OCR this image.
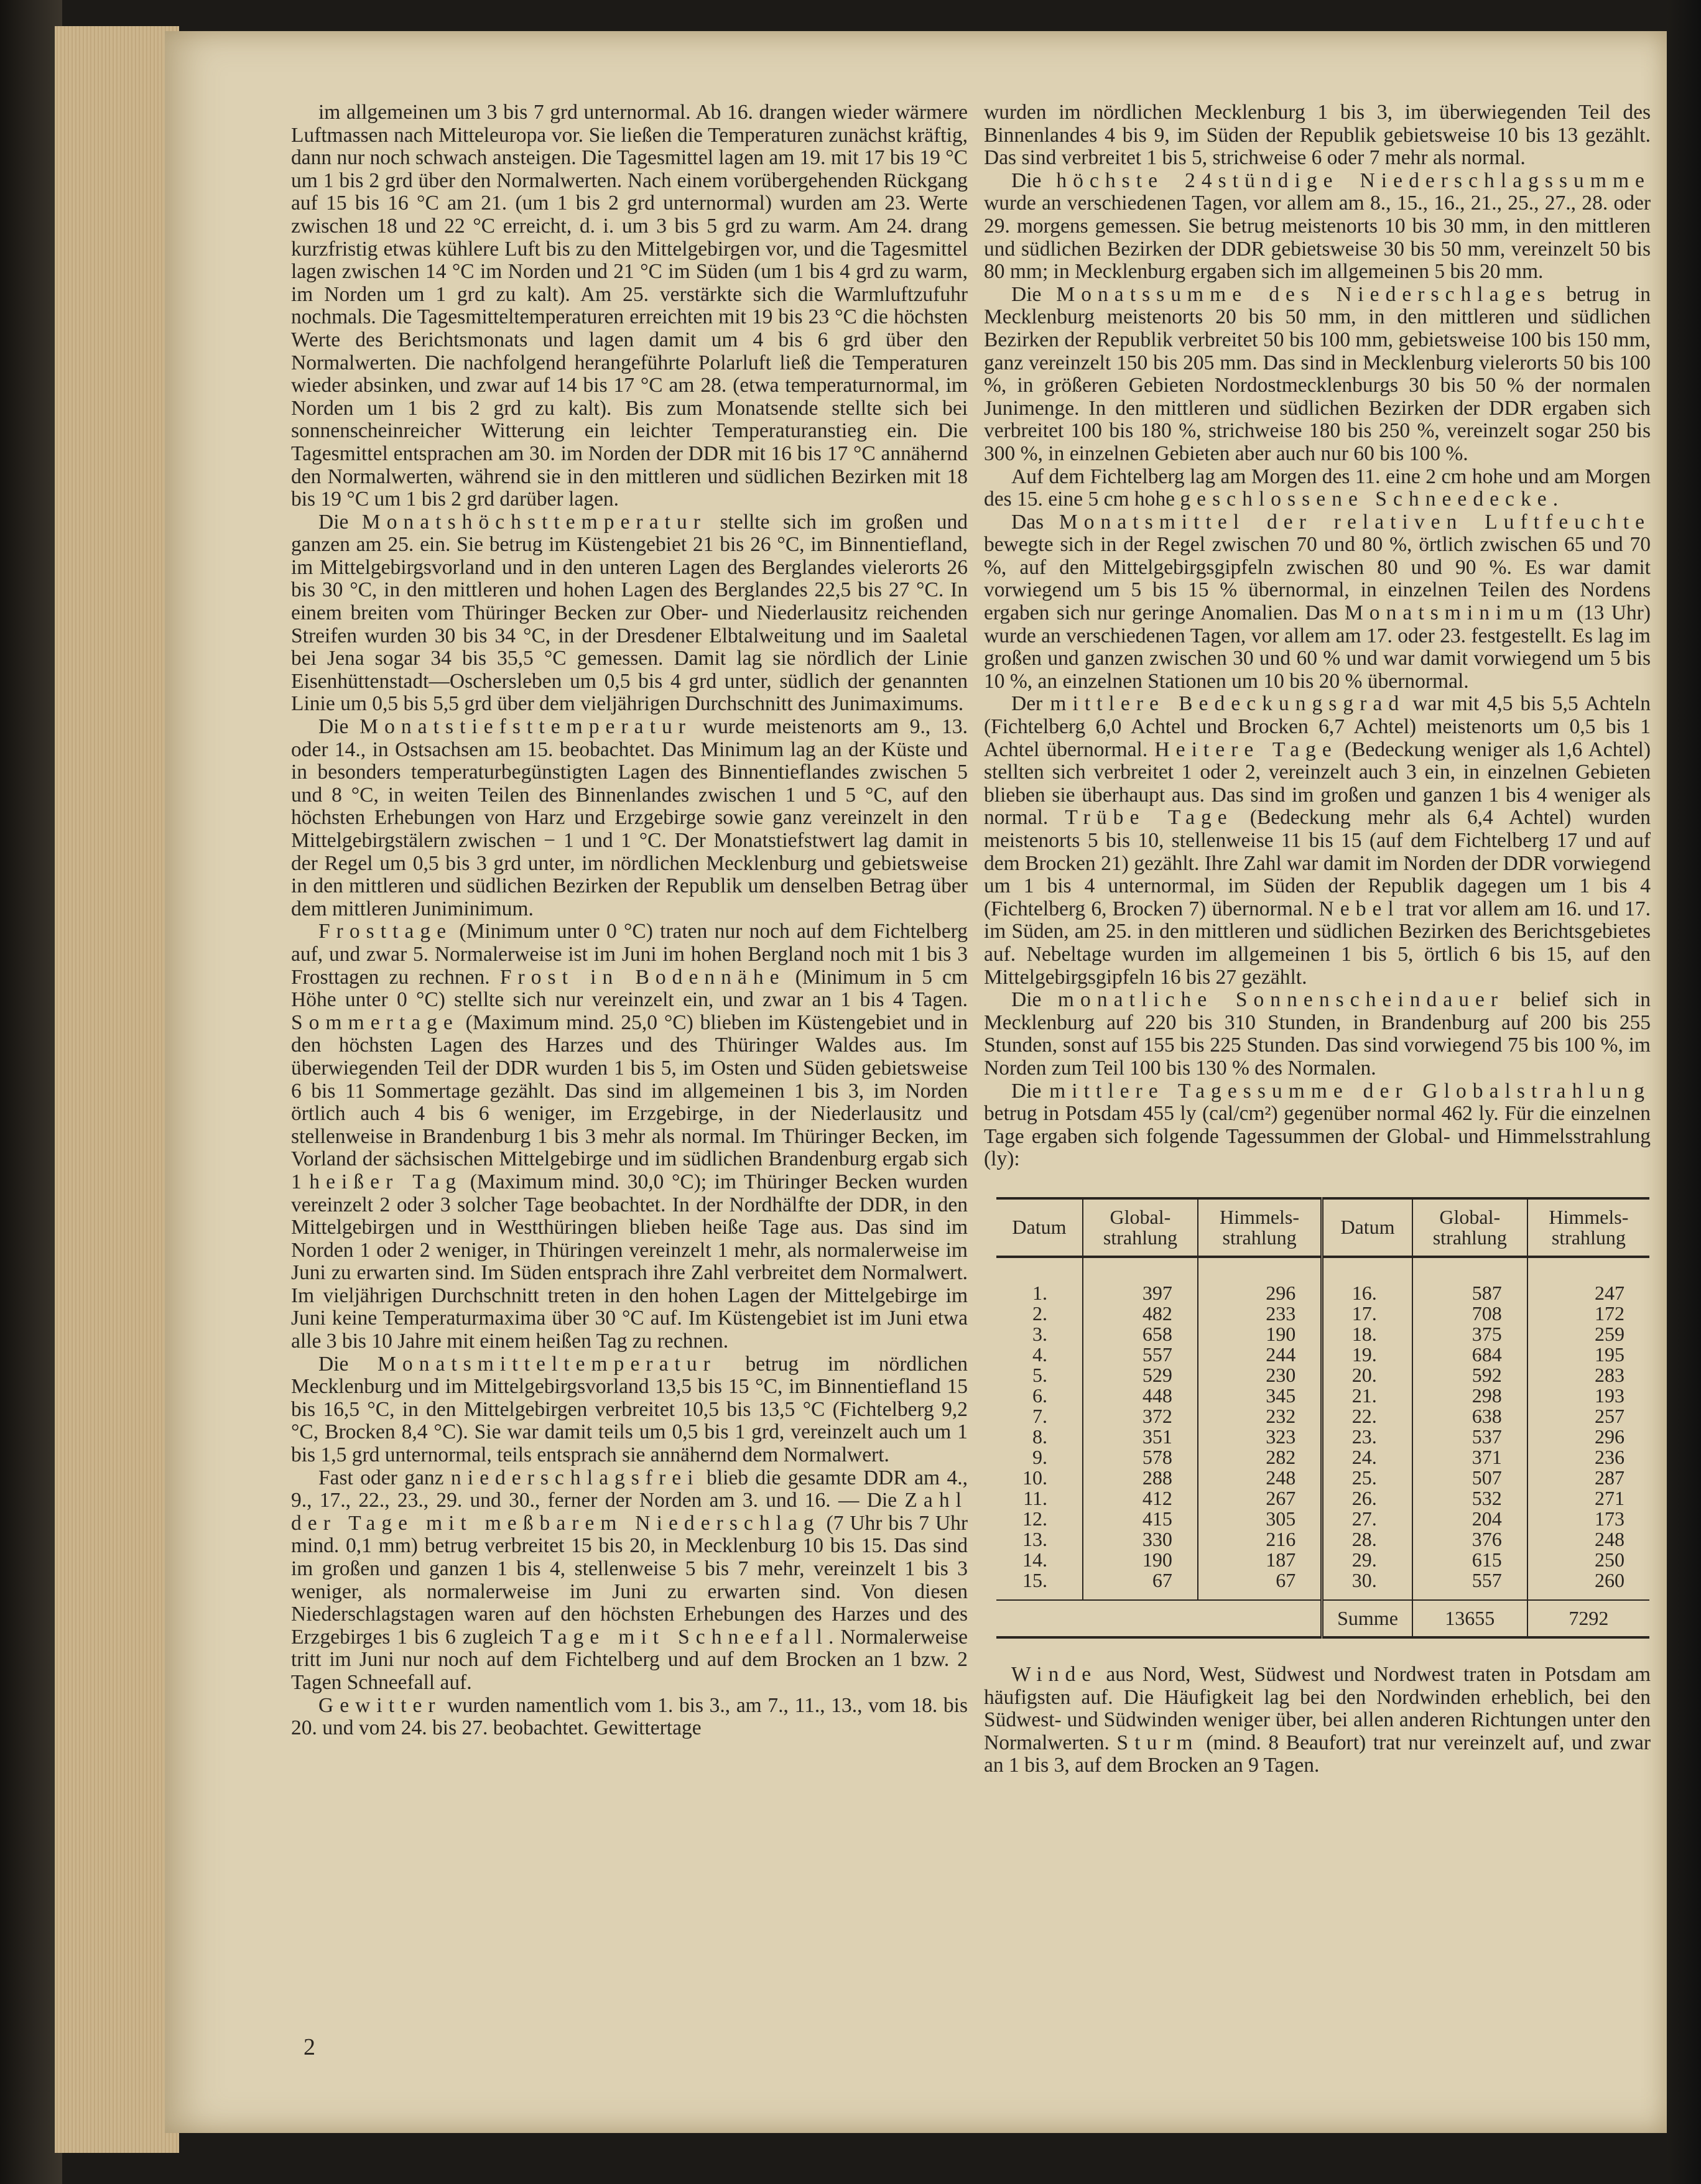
im allgemeinen um 3 bis 7 grd unternormal. Ab 16. drangen wieder wärmere Luftmassen nach Mitteleuropa vor. Sie ließen die Temperaturen zunächst kräftig, dann nur noch schwach ansteigen. Die Tagesmittel lagen am 19. mit 17 bis 19 °C um 1 bis 2 grd über den Normalwerten. Nach einem vorübergehenden Rückgang auf 15 bis 16 °C am 21. (um 1 bis 2 grd unternormal) wurden am 23. Werte zwischen 18 und 22 °C erreicht, d. i. um 3 bis 5 grd zu warm. Am 24. drang kurzfristig etwas kühlere Luft bis zu den Mittelgebirgen vor, und die Tagesmittel lagen zwischen 14 °C im Norden und 21 °C im Süden (um 1 bis 4 grd zu warm, im Norden um 1 grd zu kalt). Am 25. verstärkte sich die Warmluftzufuhr nochmals. Die Tagesmitteltemperaturen erreichten mit 19 bis 23 °C die höchsten Werte des Berichtsmonats und lagen damit um 4 bis 6 grd über den Normalwerten. Die nachfolgend herangeführte Polarluft ließ die Temperaturen wieder absinken, und zwar auf 14 bis 17 °C am 28. (etwa temperaturnormal, im Norden um 1 bis 2 grd zu kalt). Bis zum Monatsende stellte sich bei sonnenscheinreicher Witterung ein leichter Temperaturanstieg ein. Die Tagesmittel entsprachen am 30. im Norden der DDR mit 16 bis 17 °C annähernd den Normalwerten, während sie in den mittleren und südlichen Bezirken mit 18 bis 19 °C um 1 bis 2 grd darüber lagen.

Die Monatshöchsttemperatur stellte sich im großen und ganzen am 25. ein. Sie betrug im Küstengebiet 21 bis 26 °C, im Binnentiefland, im Mittelgebirgsvorland und in den unteren Lagen des Berglandes vielerorts 26 bis 30 °C, in den mittleren und hohen Lagen des Berglandes 22,5 bis 27 °C. In einem breiten vom Thüringer Becken zur Ober- und Niederlausitz reichenden Streifen wurden 30 bis 34 °C, in der Dresdener Elbtalweitung und im Saaletal bei Jena sogar 34 bis 35,5 °C gemessen. Damit lag sie nördlich der Linie Eisenhüttenstadt—Oschersleben um 0,5 bis 4 grd unter, südlich der genannten Linie um 0,5 bis 5,5 grd über dem vieljährigen Durchschnitt des Junimaximums.

Die Monatstiefsttemperatur wurde meistenorts am 9., 13. oder 14., in Ostsachsen am 15. beobachtet. Das Minimum lag an der Küste und in besonders temperaturbegünstigten Lagen des Binnentieflandes zwischen 5 und 8 °C, in weiten Teilen des Binnenlandes zwischen 1 und 5 °C, auf den höchsten Erhebungen von Harz und Erzgebirge sowie ganz vereinzelt in den Mittelgebirgstälern zwischen − 1 und 1 °C. Der Monatstiefstwert lag damit in der Regel um 0,5 bis 3 grd unter, im nördlichen Mecklenburg und gebietsweise in den mittleren und südlichen Bezirken der Republik um denselben Betrag über dem mittleren Juniminimum.

Frosttage (Minimum unter 0 °C) traten nur noch auf dem Fichtelberg auf, und zwar 5. Normalerweise ist im Juni im hohen Bergland noch mit 1 bis 3 Frosttagen zu rechnen. Frost in Bodennähe (Minimum in 5 cm Höhe unter 0 °C) stellte sich nur vereinzelt ein, und zwar an 1 bis 4 Tagen. Sommertage (Maximum mind. 25,0 °C) blieben im Küstengebiet und in den höchsten Lagen des Harzes und des Thüringer Waldes aus. Im überwiegenden Teil der DDR wurden 1 bis 5, im Osten und Süden gebietsweise 6 bis 11 Sommertage gezählt. Das sind im allgemeinen 1 bis 3, im Norden örtlich auch 4 bis 6 weniger, im Erzgebirge, in der Niederlausitz und stellenweise in Brandenburg 1 bis 3 mehr als normal. Im Thüringer Becken, im Vorland der sächsischen Mittelgebirge und im südlichen Brandenburg ergab sich 1 heißer Tag (Maximum mind. 30,0 °C); im Thüringer Becken wurden vereinzelt 2 oder 3 solcher Tage beobachtet. In der Nordhälfte der DDR, in den Mittelgebirgen und in Westthüringen blieben heiße Tage aus. Das sind im Norden 1 oder 2 weniger, in Thüringen vereinzelt 1 mehr, als normalerweise im Juni zu erwarten sind. Im Süden entsprach ihre Zahl verbreitet dem Normalwert. Im vieljährigen Durchschnitt treten in den hohen Lagen der Mittelgebirge im Juni keine Temperaturmaxima über 30 °C auf. Im Küstengebiet ist im Juni etwa alle 3 bis 10 Jahre mit einem heißen Tag zu rechnen.

Die Monatsmitteltemperatur betrug im nördlichen Mecklenburg und im Mittelgebirgsvorland 13,5 bis 15 °C, im Binnentiefland 15 bis 16,5 °C, in den Mittelgebirgen verbreitet 10,5 bis 13,5 °C (Fichtelberg 9,2 °C, Brocken 8,4 °C). Sie war damit teils um 0,5 bis 1 grd, vereinzelt auch um 1 bis 1,5 grd unternormal, teils entsprach sie annähernd dem Normalwert.

Fast oder ganz niederschlagsfrei blieb die gesamte DDR am 4., 9., 17., 22., 23., 29. und 30., ferner der Norden am 3. und 16. — Die Zahl der Tage mit meßbarem Niederschlag (7 Uhr bis 7 Uhr mind. 0,1 mm) betrug verbreitet 15 bis 20, in Mecklenburg 10 bis 15. Das sind im großen und ganzen 1 bis 4, stellenweise 5 bis 7 mehr, vereinzelt 1 bis 3 weniger, als normalerweise im Juni zu erwarten sind. Von diesen Niederschlagstagen waren auf den höchsten Erhebungen des Harzes und des Erzgebirges 1 bis 6 zugleich Tage mit Schneefall. Normalerweise tritt im Juni nur noch auf dem Fichtelberg und auf dem Brocken an 1 bzw. 2 Tagen Schneefall auf.

Gewitter wurden namentlich vom 1. bis 3., am 7., 11., 13., vom 18. bis 20. und vom 24. bis 27. beobachtet. Gewittertage

wurden im nördlichen Mecklenburg 1 bis 3, im überwiegenden Teil des Binnenlandes 4 bis 9, im Süden der Republik gebietsweise 10 bis 13 gezählt. Das sind verbreitet 1 bis 5, strichweise 6 oder 7 mehr als normal.

Die höchste 24stündige Niederschlagssumme wurde an verschiedenen Tagen, vor allem am 8., 15., 16., 21., 25., 27., 28. oder 29. morgens gemessen. Sie betrug meistenorts 10 bis 30 mm, in den mittleren und südlichen Bezirken der DDR gebietsweise 30 bis 50 mm, vereinzelt 50 bis 80 mm; in Mecklenburg ergaben sich im allgemeinen 5 bis 20 mm.

Die Monatssumme des Niederschlages betrug in Mecklenburg meistenorts 20 bis 50 mm, in den mittleren und südlichen Bezirken der Republik verbreitet 50 bis 100 mm, gebietsweise 100 bis 150 mm, ganz vereinzelt 150 bis 205 mm. Das sind in Mecklenburg vielerorts 50 bis 100 %, in größeren Gebieten Nordostmecklenburgs 30 bis 50 % der normalen Junimenge. In den mittleren und südlichen Bezirken der DDR ergaben sich verbreitet 100 bis 180 %, strichweise 180 bis 250 %, vereinzelt sogar 250 bis 300 %, in einzelnen Gebieten aber auch nur 60 bis 100 %.

Auf dem Fichtelberg lag am Morgen des 11. eine 2 cm hohe und am Morgen des 15. eine 5 cm hohe geschlossene Schneedecke.

Das Monatsmittel der relativen Luftfeuchte bewegte sich in der Regel zwischen 70 und 80 %, örtlich zwischen 65 und 70 %, auf den Mittelgebirgsgipfeln zwischen 80 und 90 %. Es war damit vorwiegend um 5 bis 15 % übernormal, in einzelnen Teilen des Nordens ergaben sich nur geringe Anomalien. Das Monatsminimum (13 Uhr) wurde an verschiedenen Tagen, vor allem am 17. oder 23. festgestellt. Es lag im großen und ganzen zwischen 30 und 60 % und war damit vorwiegend um 5 bis 10 %, an einzelnen Stationen um 10 bis 20 % übernormal.

Der mittlere Bedeckungsgrad war mit 4,5 bis 5,5 Achteln (Fichtelberg 6,0 Achtel und Brocken 6,7 Achtel) meistenorts um 0,5 bis 1 Achtel übernormal. Heitere Tage (Bedeckung weniger als 1,6 Achtel) stellten sich verbreitet 1 oder 2, vereinzelt auch 3 ein, in einzelnen Gebieten blieben sie überhaupt aus. Das sind im großen und ganzen 1 bis 4 weniger als normal. Trübe Tage (Bedeckung mehr als 6,4 Achtel) wurden meistenorts 5 bis 10, stellenweise 11 bis 15 (auf dem Fichtelberg 17 und auf dem Brocken 21) gezählt. Ihre Zahl war damit im Norden der DDR vorwiegend um 1 bis 4 unternormal, im Süden der Republik dagegen um 1 bis 4 (Fichtelberg 6, Brocken 7) übernormal. Nebel trat vor allem am 16. und 17. im Süden, am 25. in den mittleren und südlichen Bezirken des Berichtsgebietes auf. Nebeltage wurden im allgemeinen 1 bis 5, örtlich 6 bis 15, auf den Mittelgebirgsgipfeln 16 bis 27 gezählt.

Die monatliche Sonnenscheindauer belief sich in Mecklenburg auf 220 bis 310 Stunden, in Brandenburg auf 200 bis 255 Stunden, sonst auf 155 bis 225 Stunden. Das sind vorwiegend 75 bis 100 %, im Norden zum Teil 100 bis 130 % des Normalen.

Die mittlere Tagessumme der Globalstrahlung betrug in Potsdam 455 ly (cal/cm²) gegenüber normal 462 ly. Für die einzelnen Tage ergaben sich folgende Tagessummen der Global- und Himmelsstrahlung (ly):

Datum	Global-
strahlung	Himmels-
strahlung	Datum	Global-
strahlung	Himmels-
strahlung
1.	397	296	16.	587	247
2.	482	233	17.	708	172
3.	658	190	18.	375	259
4.	557	244	19.	684	195
5.	529	230	20.	592	283
6.	448	345	21.	298	193
7.	372	232	22.	638	257
8.	351	323	23.	537	296
9.	578	282	24.	371	236
10.	288	248	25.	507	287
11.	412	267	26.	532	271
12.	415	305	27.	204	173
13.	330	216	28.	376	248
14.	190	187	29.	615	250
15.	67	67	30.	557	260
			Summe	13655	7292

Winde aus Nord, West, Südwest und Nordwest traten in Potsdam am häufigsten auf. Die Häufigkeit lag bei den Nordwinden erheblich, bei den Südwest- und Südwinden weniger über, bei allen anderen Richtungen unter den Normalwerten. Sturm (mind. 8 Beaufort) trat nur vereinzelt auf, und zwar an 1 bis 3, auf dem Brocken an 9 Tagen.

2
